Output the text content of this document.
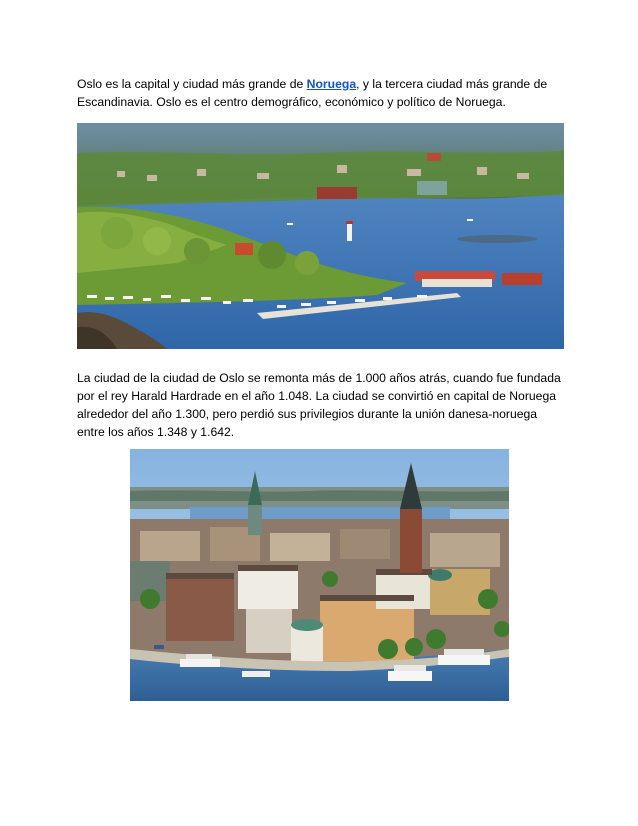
Oslo es la capital y ciudad más grande de Noruega, y la tercera ciudad más grande de Escandinavia. Oslo es el centro demográfico, económico y político de Noruega.

La ciudad de la ciudad de Oslo se remonta más de 1.000 años atrás, cuando fue fundada por el rey Harald Hardrade en el año 1.048. La ciudad se convirtió en capital de Noruega alrededor del año 1.300, pero perdió sus privilegios durante la unión danesa-noruega entre los años 1.348 y 1.642.
